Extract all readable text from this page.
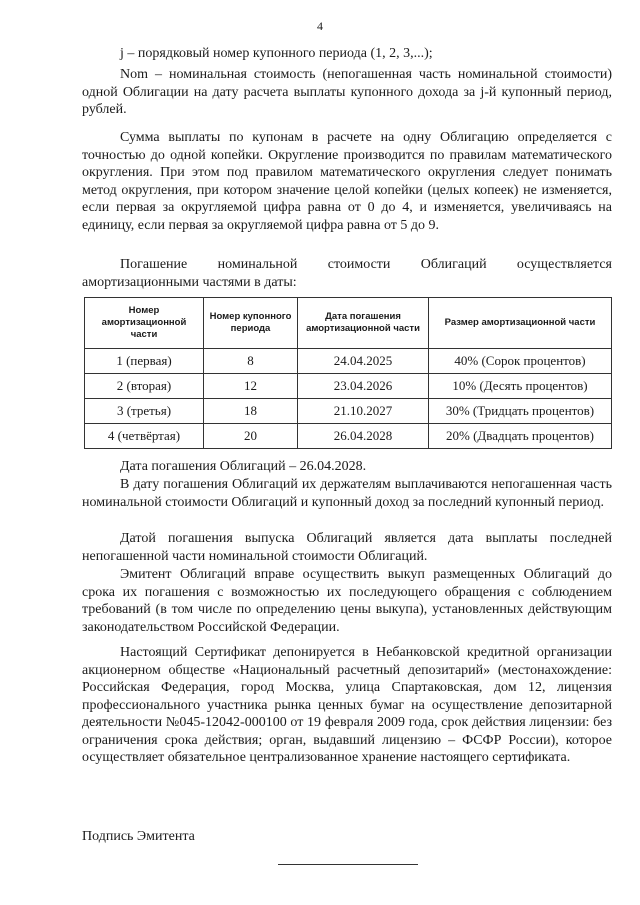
4
j – порядковый номер купонного периода (1, 2, 3,...);

Nom – номинальная стоимость (непогашенная часть номинальной стоимости) одной Облигации на дату расчета выплаты купонного дохода за j-й купонный период, рублей.

Сумма выплаты по купонам в расчете на одну Облигацию определяется с точностью до одной копейки. Округление производится по правилам математического округления. При этом под правилом математического округления следует понимать метод округления, при котором значение целой копейки (целых копеек) не изменяется, если первая за округляемой цифра равна от 0 до 4, и изменяется, увеличиваясь на единицу, если первая за округляемой цифра равна от 5 до 9.

Погашение номинальной стоимости Облигаций осуществляется амортизационными частями в даты:

Номер амортизационной части	Номер купонного периода	Дата погашения амортизационной части	Размер амортизационной части
1 (первая)	8	24.04.2025	40% (Сорок процентов)
2 (вторая)	12	23.04.2026	10% (Десять процентов)
3 (третья)	18	21.10.2027	30% (Тридцать процентов)
4 (четвёртая)	20	26.04.2028	20% (Двадцать процентов)
Дата погашения Облигаций – 26.04.2028.

В дату погашения Облигаций их держателям выплачиваются непогашенная часть номинальной стоимости Облигаций и купонный доход за последний купонный период.

Датой погашения выпуска Облигаций является дата выплаты последней непогашенной части номинальной стоимости Облигаций.

Эмитент Облигаций вправе осуществить выкуп размещенных Облигаций до срока их погашения с возможностью их последующего обращения с соблюдением требований (в том числе по определению цены выкупа), установленных действующим законодательством Российской Федерации.

Настоящий Сертификат депонируется в Небанковской кредитной организации акционерном обществе «Национальный расчетный депозитарий» (местонахождение: Российская Федерация, город Москва, улица Спартаковская, дом 12, лицензия профессионального участника рынка ценных бумаг на осуществление депозитарной деятельности №045-12042-000100 от 19 февраля 2009 года, срок действия лицензии: без ограничения срока действия; орган, выдавший лицензию – ФСФР России), которое осуществляет обязательное централизованное хранение настоящего сертификата.

Подпись Эмитента
